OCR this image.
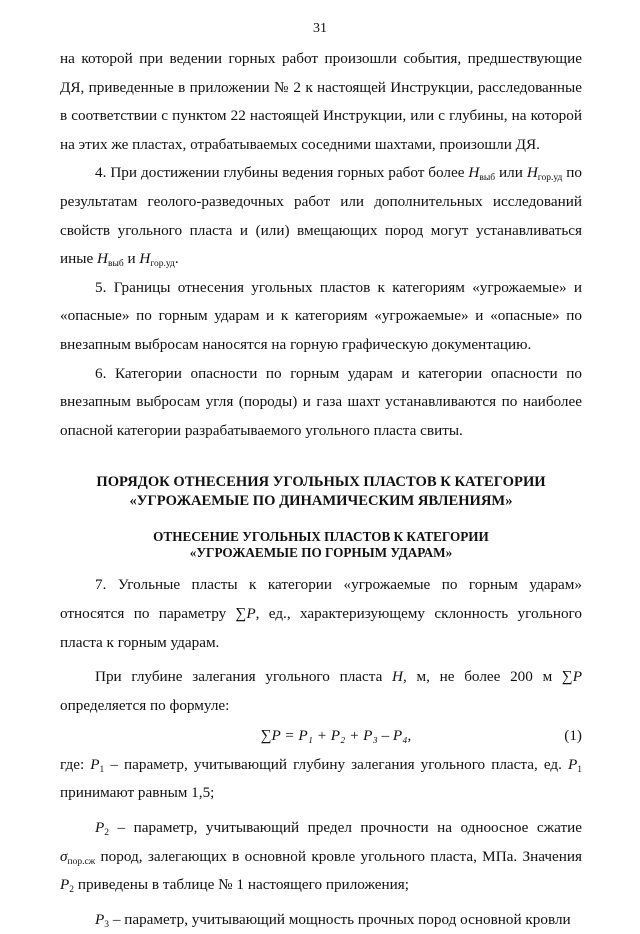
31

на которой при ведении горных работ произошли события, предшествующие ДЯ, приведенные в приложении № 2 к настоящей Инструкции, расследованные в соответствии с пунктом 22 настоящей Инструкции, или с глубины, на которой на этих же пластах, отрабатываемых соседними шахтами, произошли ДЯ.

4. При достижении глубины ведения горных работ более $H_{выб}$ или $H_{гор.уд}$ по результатам геолого-разведочных работ или дополнительных исследований свойств угольного пласта и (или) вмещающих пород могут устанавливаться иные $H_{выб}$ и $H_{гор.уд}$.

5. Границы отнесения угольных пластов к категориям «угрожаемые» и «опасные» по горным ударам и к категориям «угрожаемые» и «опасные» по внезапным выбросам наносятся на горную графическую документацию.

6. Категории опасности по горным ударам и категории опасности по внезапным выбросам угля (породы) и газа шахт устанавливаются по наиболее опасной категории разрабатываемого угольного пласта свиты.

ПОРЯДОК ОТНЕСЕНИЯ УГОЛЬНЫХ ПЛАСТОВ К КАТЕГОРИИ
«УГРОЖАЕМЫЕ ПО ДИНАМИЧЕСКИМ ЯВЛЕНИЯМ»
ОТНЕСЕНИЕ УГОЛЬНЫХ ПЛАСТОВ К КАТЕГОРИИ
«УГРОЖАЕМЫЕ ПО ГОРНЫМ УДАРАМ»

7. Угольные пласты к категории «угрожаемые по горным ударам» относятся по параметру ∑P, ед., характеризующему склонность угольного пласта к горным ударам.

При глубине залегания угольного пласта H, м, не более 200 м ∑P определяется по формуле:

∑P = P₁ + P₂ + P₃ – P₄,	(1)

где: $P_1$ – параметр, учитывающий глубину залегания угольного пласта, ед. $P_1$ принимают равным 1,5;

$P_2$ – параметр, учитывающий предел прочности на одноосное сжатие $\sigma_{пор.сж}$ пород, залегающих в основной кровле угольного пласта, МПа. Значения $P_2$ приведены в таблице № 1 настоящего приложения;

$P_3$ – параметр, учитывающий мощность прочных пород основной кровли
